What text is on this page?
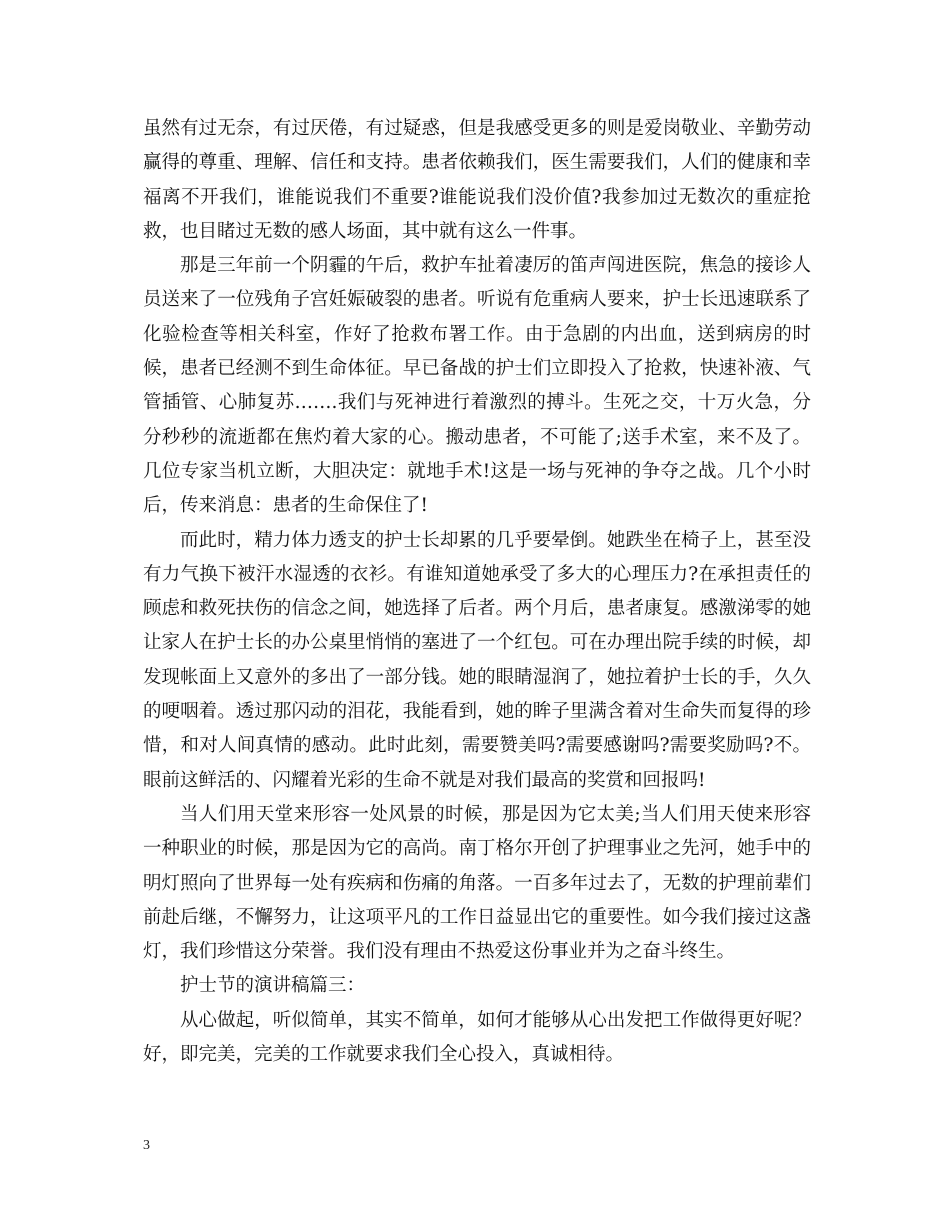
虽然有过无奈，有过厌倦，有过疑惑，但是我感受更多的则是爱岗敬业、辛勤劳动赢得的尊重、理解、信任和支持。患者依赖我们，医生需要我们，人们的健康和幸福离不开我们，谁能说我们不重要?谁能说我们没价值?我参加过无数次的重症抢救，也目睹过无数的感人场面，其中就有这么一件事。

那是三年前一个阴霾的午后，救护车扯着凄厉的笛声闯进医院，焦急的接诊人员送来了一位残角子宫妊娠破裂的患者。听说有危重病人要来，护士长迅速联系了化验检查等相关科室，作好了抢救布署工作。由于急剧的内出血，送到病房的时候，患者已经测不到生命体征。早已备战的护士们立即投入了抢救，快速补液、气管插管、心肺复苏…….我们与死神进行着激烈的搏斗。生死之交，十万火急，分分秒秒的流逝都在焦灼着大家的心。搬动患者，不可能了;送手术室，来不及了。几位专家当机立断，大胆决定：就地手术!这是一场与死神的争夺之战。几个小时后，传来消息：患者的生命保住了!

而此时，精力体力透支的护士长却累的几乎要晕倒。她跌坐在椅子上，甚至没有力气换下被汗水湿透的衣衫。有谁知道她承受了多大的心理压力?在承担责任的顾虑和救死扶伤的信念之间，她选择了后者。两个月后，患者康复。感激涕零的她让家人在护士长的办公桌里悄悄的塞进了一个红包。可在办理出院手续的时候，却发现帐面上又意外的多出了一部分钱。她的眼睛湿润了，她拉着护士长的手，久久的哽咽着。透过那闪动的泪花，我能看到，她的眸子里满含着对生命失而复得的珍惜，和对人间真情的感动。此时此刻，需要赞美吗?需要感谢吗?需要奖励吗?不。眼前这鲜活的、闪耀着光彩的生命不就是对我们最高的奖赏和回报吗!

当人们用天堂来形容一处风景的时候，那是因为它太美;当人们用天使来形容一种职业的时候，那是因为它的高尚。南丁格尔开创了护理事业之先河，她手中的明灯照向了世界每一处有疾病和伤痛的角落。一百多年过去了，无数的护理前辈们前赴后继，不懈努力，让这项平凡的工作日益显出它的重要性。如今我们接过这盏灯，我们珍惜这分荣誉。我们没有理由不热爱这份事业并为之奋斗终生。

护士节的演讲稿篇三：

从心做起，听似简单，其实不简单，如何才能够从心出发把工作做得更好呢？好，即完美，完美的工作就要求我们全心投入，真诚相待。

3
